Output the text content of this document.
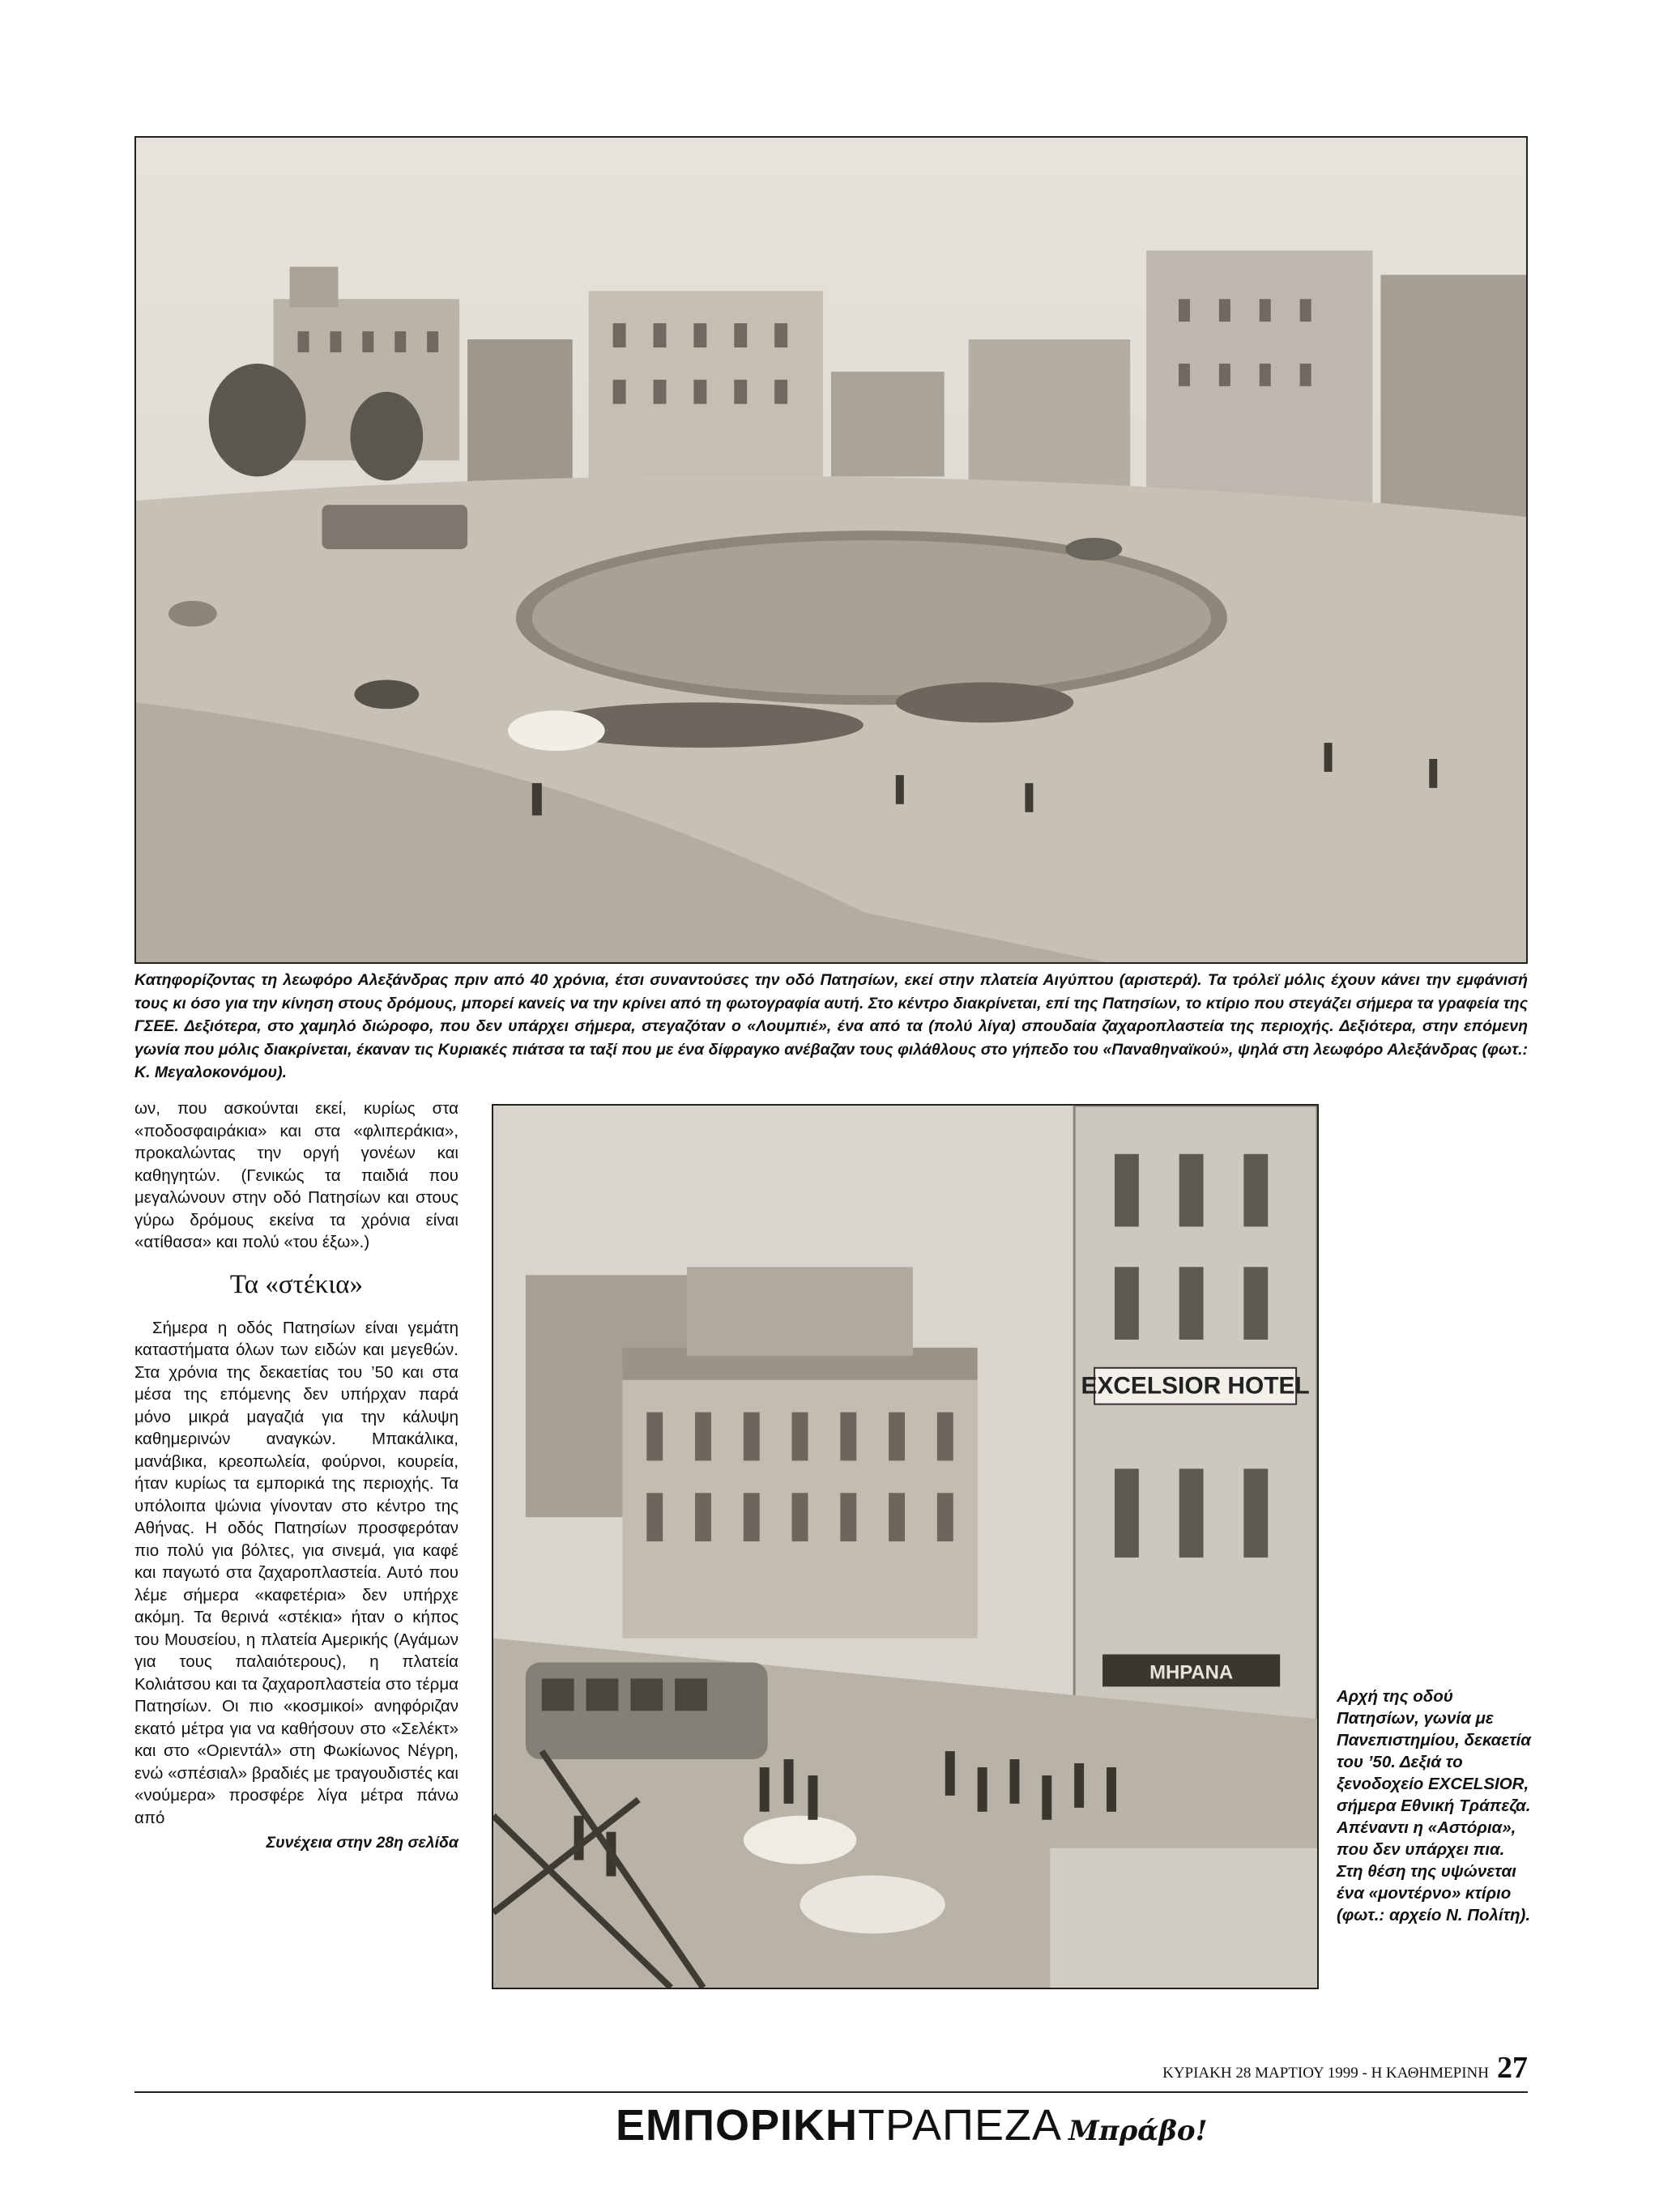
Κατηφορίζοντας τη λεωφόρο Αλεξάνδρας πριν από 40 χρόνια, έτσι συναντούσες την οδό Πατησίων, εκεί στην πλατεία Αιγύπτου (αριστερά). Τα τρόλεϊ μόλις έχουν κάνει την εμφάνισή τους κι όσο για την κίνηση στους δρόμους, μπορεί κανείς να την κρίνει από τη φωτογραφία αυτή. Στο κέντρο διακρίνεται, επί της Πατησίων, το κτίριο που στεγάζει σήμερα τα γραφεία της ΓΣΕΕ. Δεξιότερα, στο χαμηλό διώροφο, που δεν υπάρχει σήμερα, στεγαζόταν ο «Λουμπιέ», ένα από τα (πολύ λίγα) σπουδαία ζαχαροπλαστεία της περιοχής. Δεξιότερα, στην επόμενη γωνία που μόλις διακρίνεται, έκαναν τις Κυριακές πιάτσα τα ταξί που με ένα δίφραγκο ανέβαζαν τους φιλάθλους στο γήπεδο του «Παναθηναϊκού», ψηλά στη λεωφόρο Αλεξάνδρας (φωτ.: Κ. Μεγαλοκονόμου).

ων, που ασκούνται εκεί, κυρίως στα «ποδοσφαιράκια» και στα «φλιπεράκια», προκαλώντας την οργή γονέων και καθηγητών. (Γενικώς τα παιδιά που μεγαλώνουν στην οδό Πατησίων και στους γύρω δρόμους εκείνα τα χρόνια είναι «ατίθασα» και πολύ «του έξω».)

Τα «στέκια»

Σήμερα η οδός Πατησίων είναι γεμάτη καταστήματα όλων των ειδών και μεγεθών. Στα χρόνια της δεκαετίας του ’50 και στα μέσα της επόμενης δεν υπήρχαν παρά μόνο μικρά μαγαζιά για την κάλυψη καθημερινών αναγκών. Μπακάλικα, μανάβικα, κρεοπωλεία, φούρνοι, κουρεία, ήταν κυρίως τα εμπορικά της περιοχής. Τα υπόλοιπα ψώνια γίνονταν στο κέντρο της Αθήνας. Η οδός Πατησίων προσφερόταν πιο πολύ για βόλτες, για σινεμά, για καφέ και παγωτό στα ζαχαροπλαστεία. Αυτό που λέμε σήμερα «καφετέρια» δεν υπήρχε ακόμη. Τα θερινά «στέκια» ήταν ο κήπος του Μουσείου, η πλατεία Αμερικής (Αγάμων για τους παλαιότερους), η πλατεία Κολιάτσου και τα ζαχαροπλαστεία στο τέρμα Πατησίων. Οι πιο «κοσμικοί» ανηφόριζαν εκατό μέτρα για να καθήσουν στο «Σελέκτ» και στο «Οριεντάλ» στη Φωκίωνος Νέγρη, ενώ «σπέσιαλ» βραδιές με τραγουδιστές και «νούμερα» προσφέρε λίγα μέτρα πάνω από

Συνέχεια στην 28η σελίδα
EXCELSIOR HOTEL
ΜΗΡΑΝΑ
Αρχή της οδού Πατησίων, γωνία με Πανεπιστημίου, δεκαετία του ’50. Δεξιά το ξενοδοχείο EXCELSIOR, σήμερα Εθνική Τράπεζα. Απέναντι η «Αστόρια», που δεν υπάρχει πια. Στη θέση της υψώνεται ένα «μοντέρνο» κτίριο (φωτ.: αρχείο Ν. Πολίτη).
ΚΥΡΙΑΚΗ 28 ΜΑΡΤΙΟΥ 1999 - Η ΚΑΘΗΜΕΡΙΝΗ 27
ΕΜΠΟΡΙΚΗ ΤΡΑΠΕΖΑ Μπράβο!
